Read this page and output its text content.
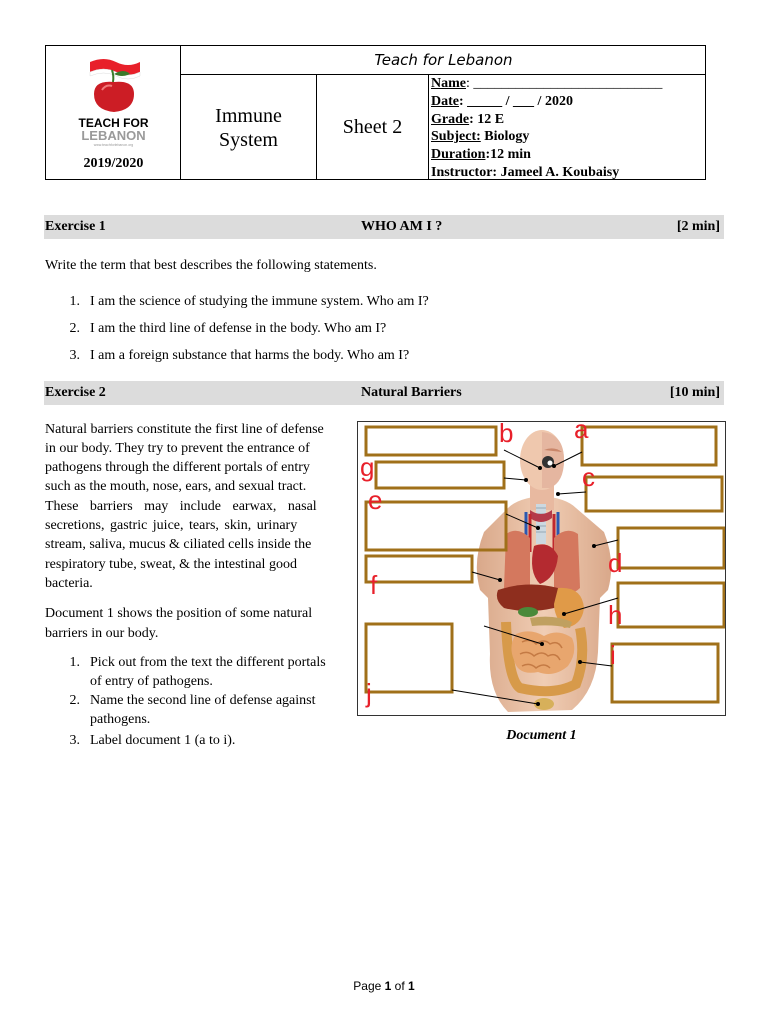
TEACH FOR
LEBANON
www.teachforlebanon.org
2019/2020
Teach for Lebanon
Immune
System
Sheet 2
Name: ___________________________
Date: _____ / ___ / 2020
Grade: 12 E
Subject: Biology
Duration:12 min
Instructor: Jameel A. Koubaisy
Exercise 1	WHO AM I ?	[2 min]
Write the term that best describes the following statements.
1. I am the science of studying the immune system. Who am I?
2. I am the third line of defense in the body. Who am I?
3. I am a foreign substance that harms the body. Who am I?
Exercise 2	Natural Barriers	[10 min]
Natural barriers constitute the first line of defense
in our body. They try to prevent the entrance of
pathogens through the different portals of entry
such as the mouth, nose, ears, and sexual tract.
These barriers may include earwax, nasal
secretions, gastric juice, tears, skin, urinary
stream, saliva, mucus & ciliated cells inside the
respiratory tube, sweat, & the intestinal good
bacteria.
Document 1 shows the position of some natural
barriers in our body.
1. Pick out from the text the different portals
of entry of pathogens.
2. Name the second line of defense against
pathogens.
3. Label document 1 (a to i).
b a
g	c
e
d
f
h
i
j
Document 1
Page 1 of 1
